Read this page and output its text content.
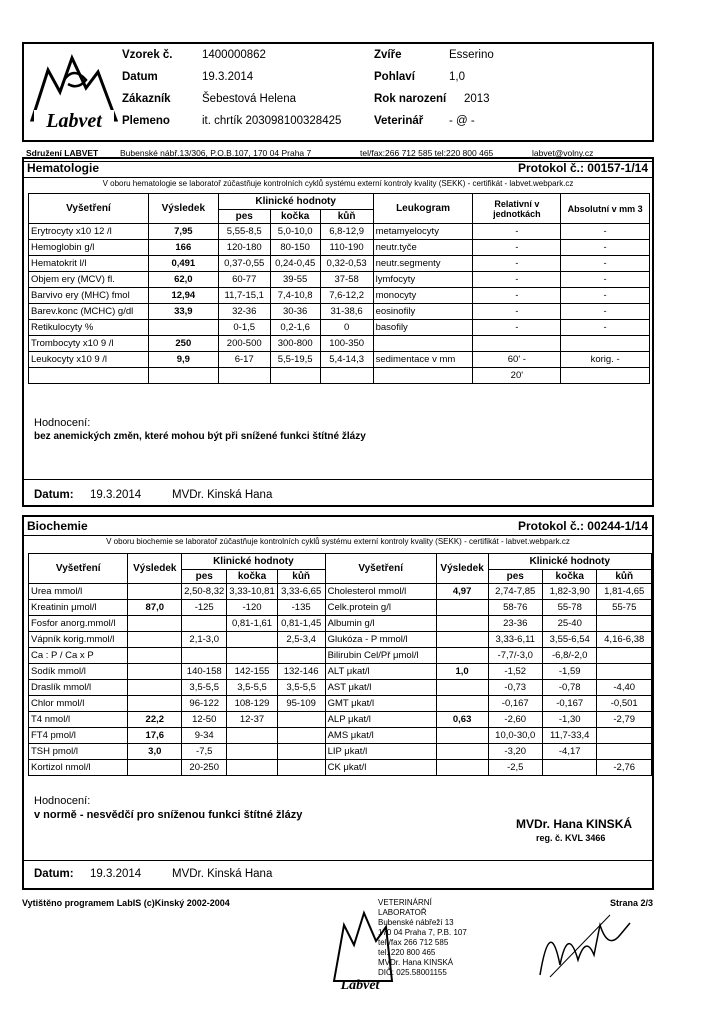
Labvet
Vzorek č.	1400000862
Datum	19.3.2014
Zákazník	Šebestová Helena
Plemeno	it. chrtík 203098100328425
Zvíře	Esserino
Pohlaví	1,0
Rok narození 2013
Veterinář - @ -
Sdružení LABVET	Bubenské nábř.13/306, P.O.B.107, 170 04 Praha 7	tel/fax:266 712 585 tel:220 800 465	labvet@volny.cz
Hematologie	Protokol č.: 00157-1/14
V oboru hematologie se laboratoř zúčastňuje kontrolních cyklů systému externí kontroly kvality (SEKK) - certifikát - labvet.webpark.cz
Vyšetření	Výsledek	Klinické hodnoty			Leukogram	Relativní v jednotkách	Absolutní v mm 3
		pes	kočka	kůň			
Erytrocyty x10 12 /l	7,95	5,55-8,5	5,0-10,0	6,8-12,9	metamyelocyty	-	-
Hemoglobin g/l	166	120-180	80-150	110-190	neutr.tyče	-	-
Hematokrit l/l	0,491	0,37-0,55	0,24-0,45	0,32-0,53	neutr.segmenty	-	-
Objem ery (MCV) fl.	62,0	60-77	39-55	37-58	lymfocyty	-	-
Barvivo ery (MHC) fmol	12,94	11,7-15,1	7,4-10,8	7,6-12,2	monocyty	-	-
Barev.konc (MCHC) g/dl	33,9	32-36	30-36	31-38,6	eosinofily	-	-
Retikulocyty %		0-1,5	0,2-1,6	0	basofily	-	-
Trombocyty x10 9 /l	250	200-500	300-800	100-350			
Leukocyty x10 9 /l	9,9	6-17	5,5-19,5	5,4-14,3	sedimentace v mm	60' -	korig. -
						20'	
Hodnocení:
bez anemických změn, které mohou být při snížené funkci štítné žlázy
Datum: 19.3.2014	MVDr. Kinská Hana
Biochemie	Protokol č.: 00244-1/14
V oboru biochemie se laboratoř zúčastňuje kontrolních cyklů systému externí kontroly kvality (SEKK) - certifikát - labvet.webpark.cz
Vyšetření	Výsledek	Klinické hodnoty			Vyšetření	Výsledek	Klinické hodnoty		
		pes	kočka	kůň			pes	kočka	kůň
Urea mmol/l		2,50-8,32	3,33-10,81	3,33-6,65	Cholesterol mmol/l	4,97	2,74-7,85	1,82-3,90	1,81-4,65
Kreatinin μmol/l	87,0	-125	-120	-135	Celk.protein g/l		58-76	55-78	55-75
Fosfor anorg.mmol/l			0,81-1,61	0,81-1,45	Albumin g/l		23-36	25-40	
Vápník korig.mmol/l		2,1-3,0		2,5-3,4	Glukóza - P mmol/l		3,33-6,11	3,55-6,54	4,16-6,38
Ca : P / Ca x P					Bilirubin Cel/Př μmol/l		-7,7/-3,0	-6,8/-2,0	
Sodík mmol/l		140-158	142-155	132-146	ALT μkat/l	1,0	-1,52	-1,59	
Draslík mmol/l		3,5-5,5	3,5-5,5	3,5-5,5	AST μkat/l		-0,73	-0,78	-4,40
Chlor mmol/l		96-122	108-129	95-109	GMT μkat/l		-0,167	-0,167	-0,501
T4 nmol/l	22,2	12-50	12-37		ALP μkat/l	0,63	-2,60	-1,30	-2,79
FT4 pmol/l	17,6	9-34			AMS μkat/l		10,0-30,0	11,7-33,4	
TSH pmol/l	3,0	-7,5			LIP μkat/l		-3,20	-4,17	
Kortizol nmol/l		20-250			CK μkat/l		-2,5		-2,76
Hodnocení:
v normě - nesvědčí pro sníženou funkci štítné žlázy
MVDr. Hana KINSKÁ
reg. č. KVL 3466
Datum: 19.3.2014	MVDr. Kinská Hana
Vytištěno programem LabIS (c)Kinský 2002-2004	Strana 2/3
Labvet
VETERINÁRNÍ
LABORATOŘ
Bubenské nábřeží 13
170 04 Praha 7, P.B. 107
tel./fax 266 712 585
tel. 220 800 465
MVDr. Hana KINSKÁ
DIČ: 025.58001155
